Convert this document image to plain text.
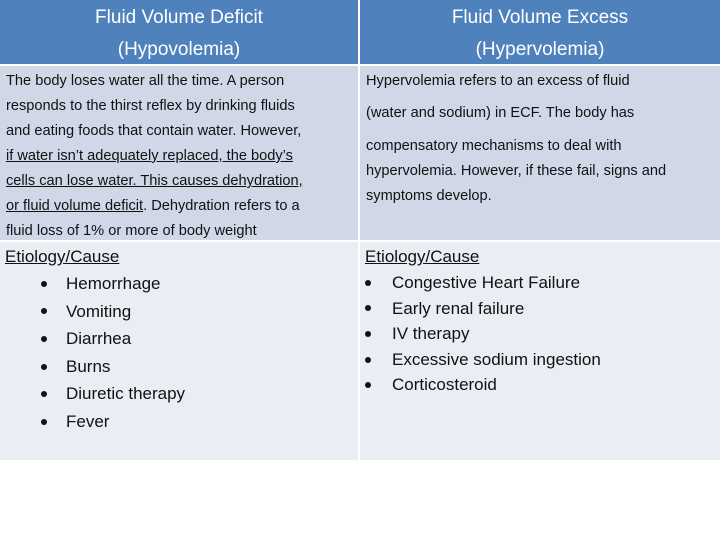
Fluid Volume Deficit
(Hypovolemia)
Fluid Volume Excess
(Hypervolemia)

The body loses water all the time. A person
responds to the thirst reflex by drinking fluids
and eating foods that contain water. However,
if water isn’t adequately replaced, the body’s
cells can lose water. This causes dehydration,
or fluid volume deficit. Dehydration refers to a
fluid loss of 1% or more of body weight

Hypervolemia refers to an excess of fluid
(water and sodium) in ECF. The body has
compensatory mechanisms to deal with
hypervolemia. However, if these fail, signs and
symptoms develop.

Etiology/Cause
Hemorrhage
Vomiting
Diarrhea
Burns
Diuretic therapy
Fever
Etiology/Cause
Congestive Heart Failure
Early renal failure
IV therapy
Excessive sodium ingestion
Corticosteroid
